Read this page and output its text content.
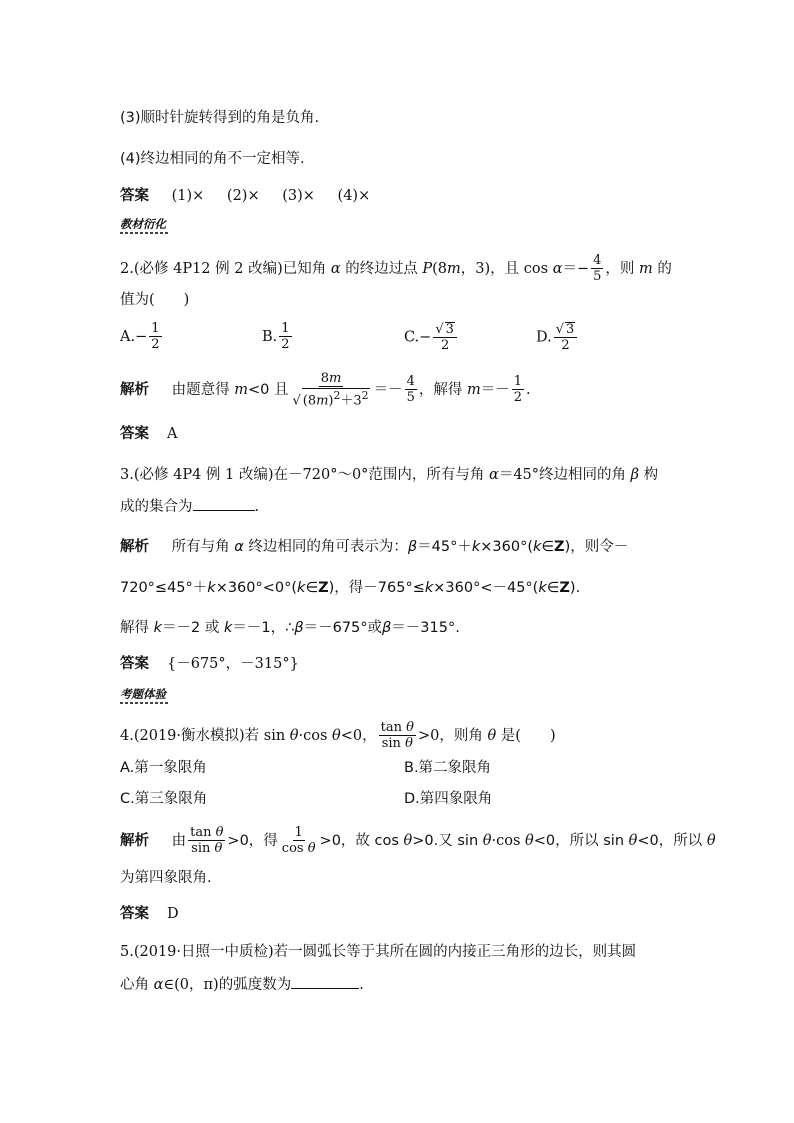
(3)顺时针旋转得到的角是负角.
(4)终边相同的角不一定相等.
答案 (1)× (2)× (3)× (4)×
教材衍化
2.(必修 4P12 例 2 改编)已知角 α 的终边过点 P(8m，3)，且 $\cos \alpha=- \frac{4}{5}$ ，则 m 的
值为(　　)
$A.- \frac{1}{2}$	B. $\frac{1}{2}$	$C.- \frac{√ 3}{2}$	D. $\frac{√ 3}{2}$
解析 由题意得 m<0 且 $\frac{8m}{√ (8m)^2+3^2} =- \frac{4}{5}$ ，解得 $m=- \frac{1}{2}$ .
答案 A
3.(必修 4P4 例 1 改编)在－720°～0°范围内，所有与角 α＝45°终边相同的角 β 构
成的集合为	.
解析 所有与角 α 终边相同的角可表示为：β＝45°＋k×360°(k∈Z)，则令－
720°≤45°＋k×360°<0°(k∈Z)，得－765°≤k×360°<－45°(k∈Z).
解得 k＝－2 或 k＝－1，∴β＝－675°或β＝－315°.
答案 {－675°，－315°}
考题体验
4.(2019·衡水模拟)若 sin θ·cos θ<0， $\frac{\text{tan θ}}{\text{sin θ}} >0$，则角 θ 是(　　)
A.第一象限角	B.第二象限角
C.第三象限角	D.第四象限角
解析 由 $\frac{\text{tan θ}}{\text{sin θ}} >0$，得 $\frac{1}{\text{cos θ}} >0$，故 cos θ>0.又 sin θ·cos θ<0，所以 sin θ<0，所以 θ
为第四象限角.
答案 D
5.(2019·日照一中质检)若一圆弧长等于其所在圆的内接正三角形的边长，则其圆
心角 α∈(0，π)的弧度数为	.
